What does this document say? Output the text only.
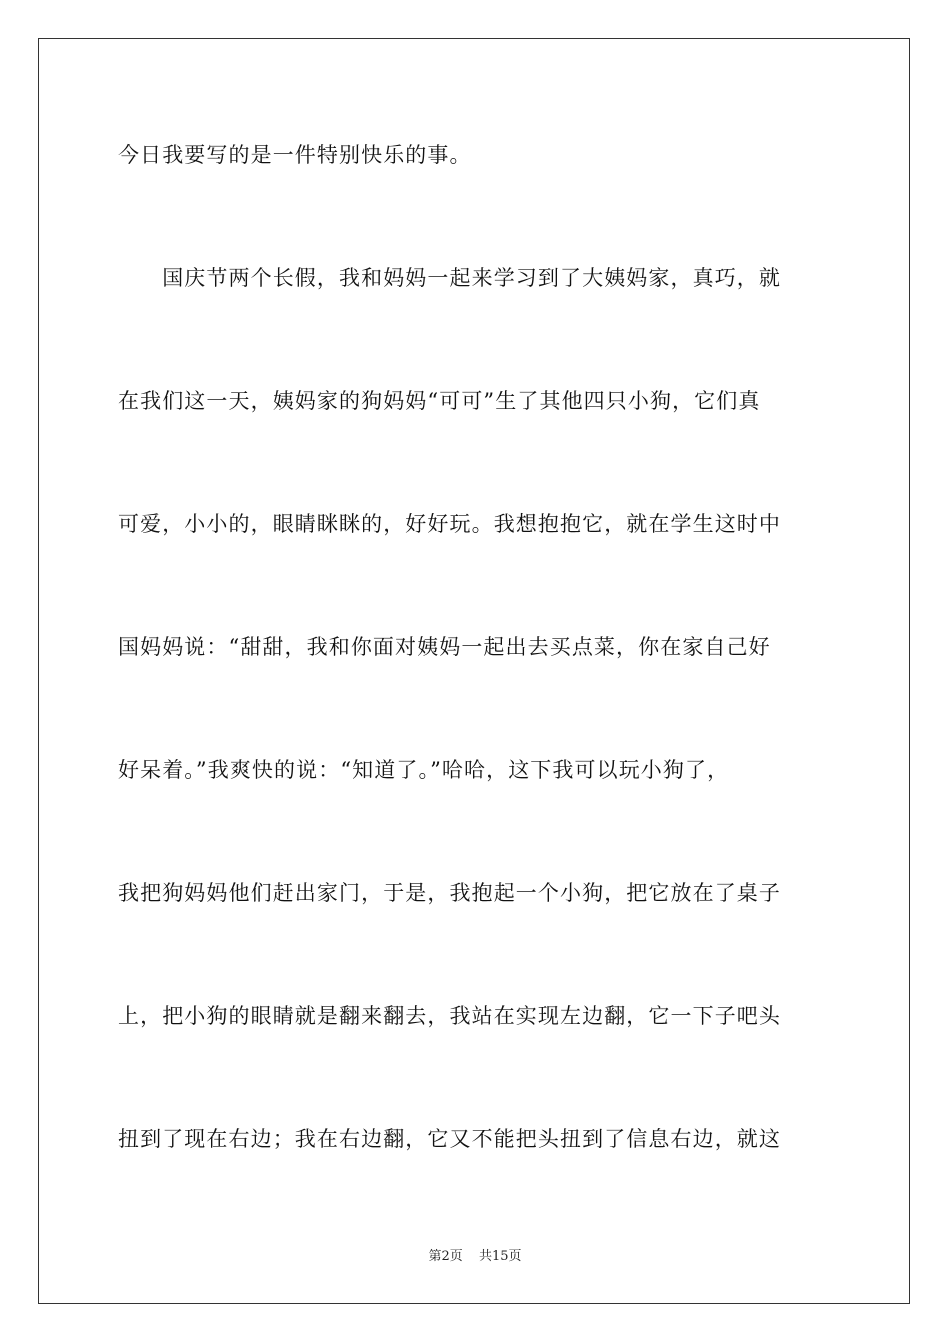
今日我要写的是一件特别快乐的事。
　　国庆节两个长假，我和妈妈一起来学习到了大姨妈家，真巧，就
在我们这一天，姨妈家的狗妈妈“可可”生了其他四只小狗，它们真
可爱，小小的，眼睛眯眯的，好好玩。我想抱抱它，就在学生这时中
国妈妈说：“甜甜，我和你面对姨妈一起出去买点菜，你在家自己好
好呆着。”我爽快的说：“知道了。”哈哈，这下我可以玩小狗了，
我把狗妈妈他们赶出家门，于是，我抱起一个小狗，把它放在了桌子
上，把小狗的眼睛就是翻来翻去，我站在实现左边翻，它一下子吧头
扭到了现在右边；我在右边翻，它又不能把头扭到了信息右边，就这
第2页 共15页
